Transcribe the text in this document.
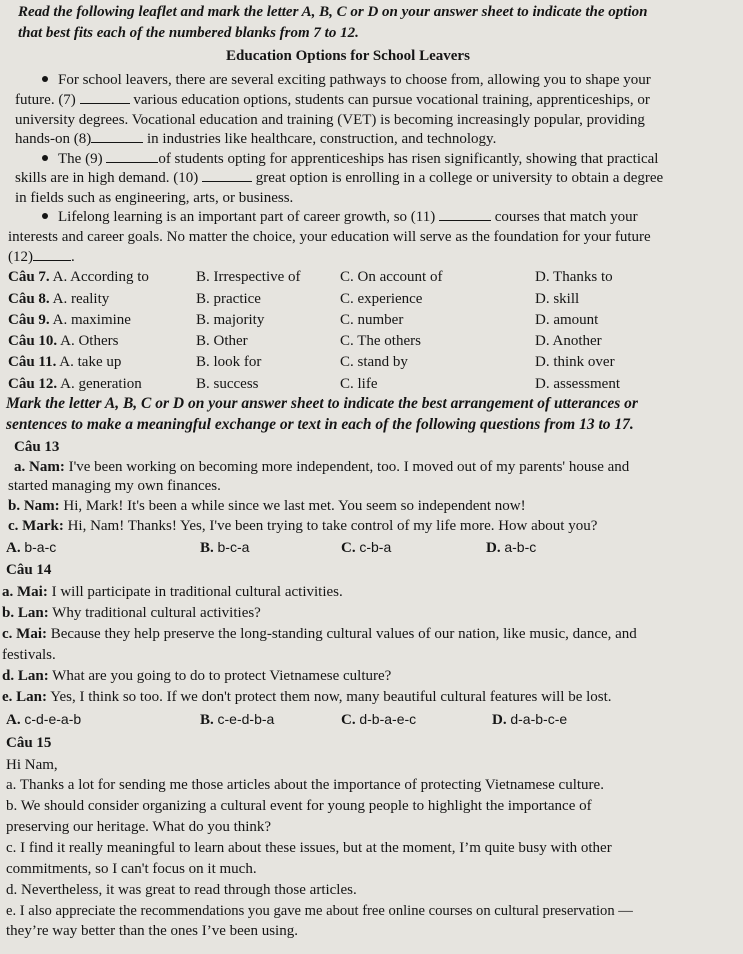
Read the following leaflet and mark the letter A, B, C or D on your answer sheet to indicate the option
that best fits each of the numbered blanks from 7 to 12.
Education Options for School Leavers
For school leavers, there are several exciting pathways to choose from, allowing you to shape your
future. (7)	various education options, students can pursue vocational training, apprenticeships, or
university degrees. Vocational education and training (VET) is becoming increasingly popular, providing
hands-on (8)	in industries like healthcare, construction, and technology.
The (9)	of students opting for apprenticeships has risen significantly, showing that practical
skills are in high demand. (10)	great option is enrolling in a college or university to obtain a degree
in fields such as engineering, arts, or business.
Lifelong learning is an important part of career growth, so (11)	courses that match your
interests and career goals. No matter the choice, your education will serve as the foundation for your future
(12)	.
Câu 7. A. According to	B. Irrespective of	C. On account of	D. Thanks to
Câu 8. A. reality	B. practice	C. experience	D. skill
Câu 9. A. maximine	B. majority	C. number	D. amount
Câu 10. A. Others	B. Other	C. The others	D. Another
Câu 11. A. take up	B. look for	C. stand by	D. think over
Câu 12. A. generation	B. success	C. life	D. assessment
Mark the letter A, B, C or D on your answer sheet to indicate the best arrangement of utterances or
sentences to make a meaningful exchange or text in each of the following questions from 13 to 17.
Câu 13
a. Nam: I've been working on becoming more independent, too. I moved out of my parents' house and
started managing my own finances.
b. Nam: Hi, Mark! It's been a while since we last met. You seem so independent now!
c. Mark: Hi, Nam! Thanks! Yes, I've been trying to take control of my life more. How about you?
A. b-a-c	B. b-c-a	C. c-b-a	D. a-b-c
Câu 14
a. Mai: I will participate in traditional cultural activities.
b. Lan: Why traditional cultural activities?
c. Mai: Because they help preserve the long-standing cultural values of our nation, like music, dance, and
festivals.
d. Lan: What are you going to do to protect Vietnamese culture?
e. Lan: Yes, I think so too. If we don't protect them now, many beautiful cultural features will be lost.
A. c-d-e-a-b	B. c-e-d-b-a	C. d-b-a-e-c	D. d-a-b-c-e
Câu 15
Hi Nam,
a. Thanks a lot for sending me those articles about the importance of protecting Vietnamese culture.
b. We should consider organizing a cultural event for young people to highlight the importance of
preserving our heritage. What do you think?
c. I find it really meaningful to learn about these issues, but at the moment, I’m quite busy with other
commitments, so I can't focus on it much.
d. Nevertheless, it was great to read through those articles.
e. I also appreciate the recommendations you gave me about free online courses on cultural preservation —
they’re way better than the ones I’ve been using.
